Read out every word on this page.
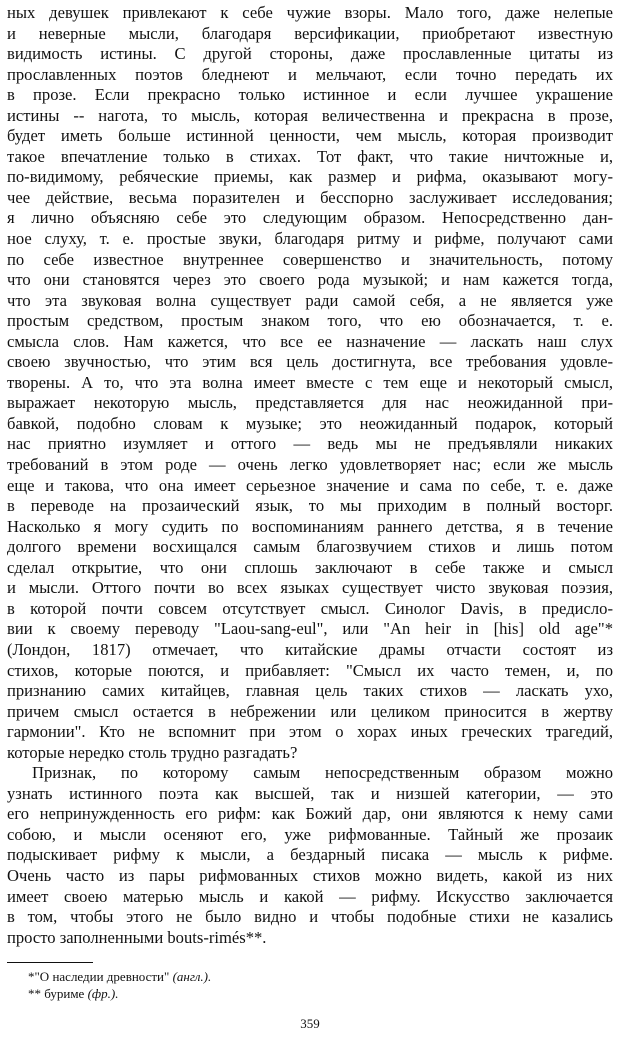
ных девушек привлекают к себе чужие взоры. Мало того, даже нелепые
и неверные мысли, благодаря версификации, приобретают известную
видимость истины. С другой стороны, даже прославленные цитаты из
прославленных поэтов бледнеют и мельчают, если точно передать их
в прозе. Если прекрасно только истинное и если лучшее украшение
истины -- нагота, то мысль, которая величественна и прекрасна в прозе,
будет иметь больше истинной ценности, чем мысль, которая производит
такое впечатление только в стихах. Тот факт, что такие ничтожные и,
по-видимому, ребяческие приемы, как размер и рифма, оказывают могу-
чее действие, весьма поразителен и бесспорно заслуживает исследования;
я лично объясняю себе это следующим образом. Непосредственно дан-
ное слуху, т. е. простые звуки, благодаря ритму и рифме, получают сами
по себе известное внутреннее совершенство и значительность, потому
что они становятся через это своего рода музыкой; и нам кажется тогда,
что эта звуковая волна существует ради самой себя, а не является уже
простым средством, простым знаком того, что ею обозначается, т. е.
смысла слов. Нам кажется, что все ее назначение — ласкать наш слух
своею звучностью, что этим вся цель достигнута, все требования удовле-
творены. А то, что эта волна имеет вместе с тем еще и некоторый смысл,
выражает некоторую мысль, представляется для нас неожиданной при-
бавкой, подобно словам к музыке; это неожиданный подарок, который
нас приятно изумляет и оттого — ведь мы не предъявляли никаких
требований в этом роде — очень легко удовлетворяет нас; если же мысль
еще и такова, что она имеет серьезное значение и сама по себе, т. е. даже
в переводе на прозаический язык, то мы приходим в полный восторг.
Насколько я могу судить по воспоминаниям раннего детства, я в течение
долгого времени восхищался самым благозвучием стихов и лишь потом
сделал открытие, что они сплошь заключают в себе также и смысл
и мысли. Оттого почти во всех языках существует чисто звуковая поэзия,
в которой почти совсем отсутствует смысл. Синолог Davis, в предислo-
вии к своему переводу "Laou-sang-eul", или "An heir in [his] old age"*
(Лондон, 1817) отмечает, что китайские драмы отчасти состоят из
стихов, которые поются, и прибавляет: "Смысл их часто темен, и, по
признанию самих китайцев, главная цель таких стихов — ласкать ухо,
причем смысл остается в небрежении или целиком приносится в жертву
гармонии". Кто не вспомнит при этом о хорах иных греческих трагедий,
которые нередко столь трудно разгадать?
Признак, по которому самым непосредственным образом можно
узнать истинного поэта как высшей, так и низшей категории, — это
его непринужденность его рифм: как Божий дар, они являются к нему сами
собою, и мысли осеняют его, уже рифмованные. Тайный же прозаик
подыскивает рифму к мысли, а бездарный писака — мысль к рифме.
Очень часто из пары рифмованных стихов можно видеть, какой из них
имеет своею матерью мысль и какой — рифму. Искусство заключается
в том, чтобы этого не было видно и чтобы подобные стихи не казались
просто заполненными bouts-rimés**.
*"О наследии древности" (англ.).
** буриме (фр.).
359
